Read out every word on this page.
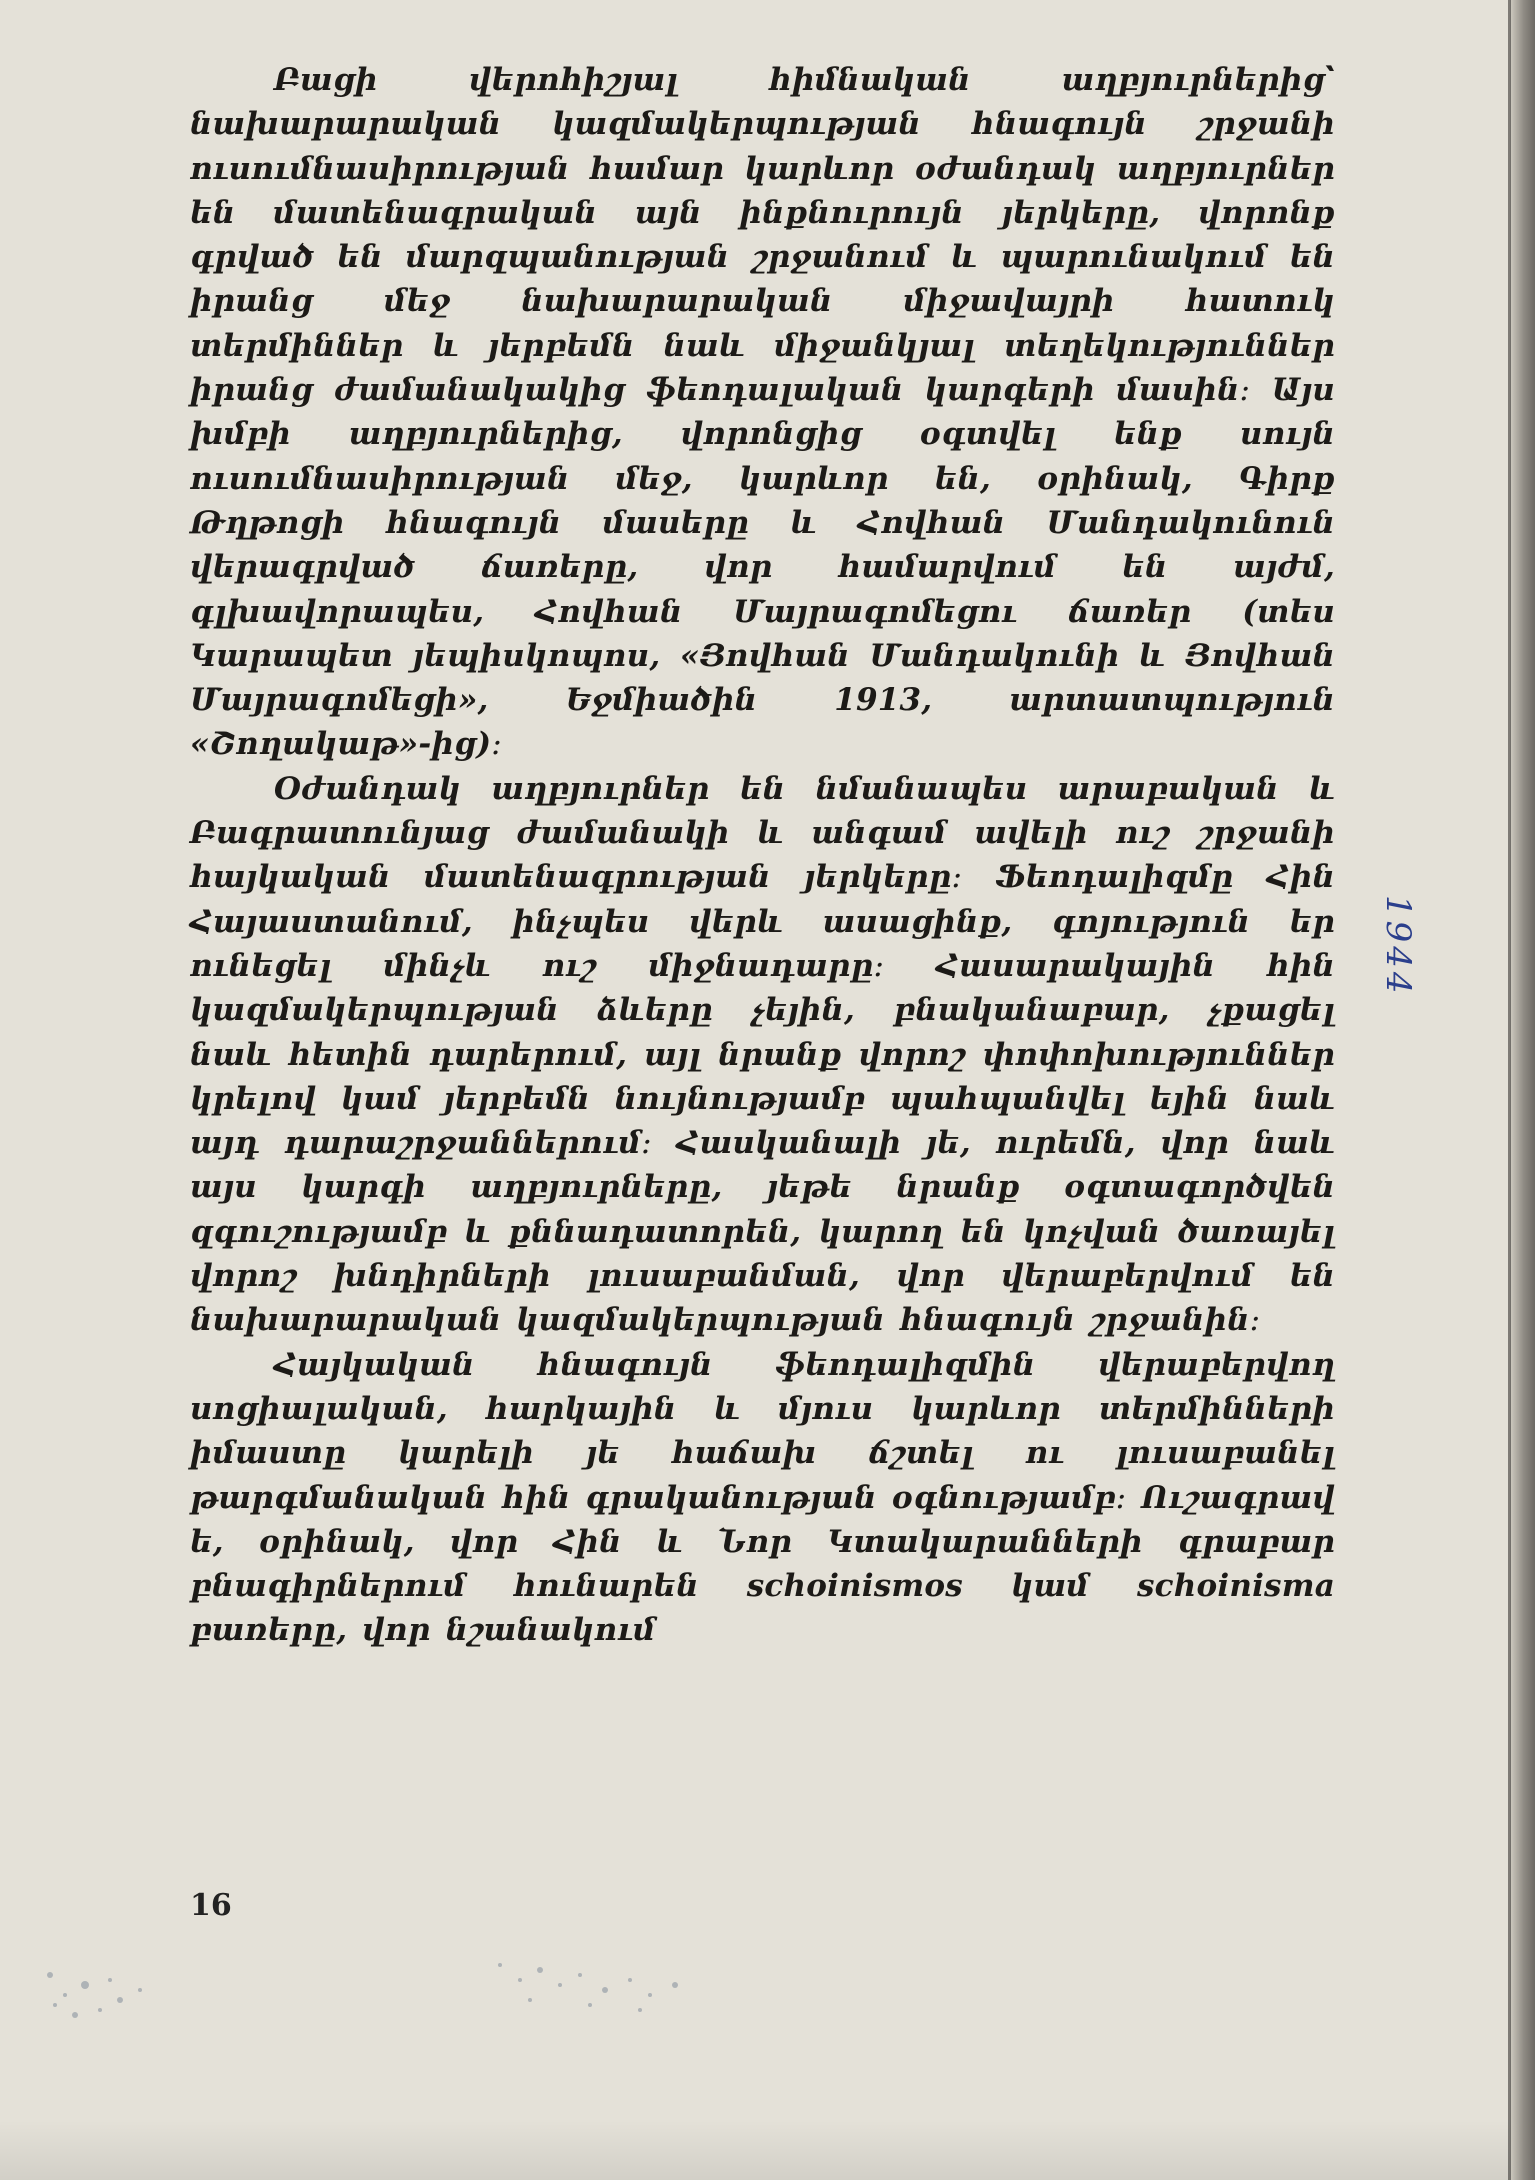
Բացի վերոհիշյալ հիմնական աղբյուրներից՝ նախարարական կազմակերպության հնագույն շրջանի ուսումնասիրության համար կարևոր օժանդակ աղբյուրներ են մատենագրական այն ինքնուրույն յերկերը, վորոնք գրված են մարզպանության շրջանում և պարունակում են իրանց մեջ նախարարական միջավայրի հատուկ տերմիններ և յերբեմն նաև միջանկյալ տեղեկություններ իրանց ժամանակակից ֆեոդալական կարգերի մասին։ Այս խմբի աղբյուրներից, վորոնցից օգտվել ենք սույն ուսումնասիրության մեջ, կարևոր են, օրինակ, Գիրք Թղթոցի հնագույն մասերը և Հովհան Մանդակունուն վերագրված ճառերը, վոր համարվում են այժմ, գլխավորապես, Հովհան Մայրագոմեցու ճառեր (տես Կարապետ յեպիսկոպոս, «Յովհան Մանդակունի և Յովհան Մայրագոմեցի», Եջմիածին 1913, արտատպություն «Շողակաթ»-ից)։

Օժանդակ աղբյուրներ են նմանապես արաբական և Բագրատունյաց ժամանակի և անգամ ավելի ուշ շրջանի հայկական մատենագրության յերկերը։ Ֆեոդալիզմը Հին Հայաստանում, ինչպես վերև ասացինք, գոյություն եր ունեցել մինչև ուշ միջնադարը։ Հասարակային հին կազմակերպության ձևերը չեյին, բնականաբար, չքացել նաև հետին դարերում, այլ նրանք վորոշ փոփոխություններ կրելով կամ յերբեմն նույնությամբ պահպանվել եյին նաև այդ դարաշրջաններում։ Հասկանալի յե, ուրեմն, վոր նաև այս կարգի աղբյուրները, յեթե նրանք օգտագործվեն զգուշությամբ և քննադատորեն, կարող են կոչվան ծառայել վորոշ խնդիրների լուսաբանման, վոր վերաբերվում են նախարարական կազմակերպության հնագույն շրջանին։

Հայկական հնագույն ֆեոդալիզմին վերաբերվող սոցիալական, հարկային և մյուս կարևոր տերմինների իմաստը կարելի յե հաճախ ճշտել ու լուսաբանել թարգմանական հին գրականության օգնությամբ։ Ուշագրավ ե, օրինակ, վոր Հին և Նոր Կտակարանների գրաբար բնագիրներում հունարեն schoinismos կամ schoinisma բառերը, վոր նշանակում

16
1944
